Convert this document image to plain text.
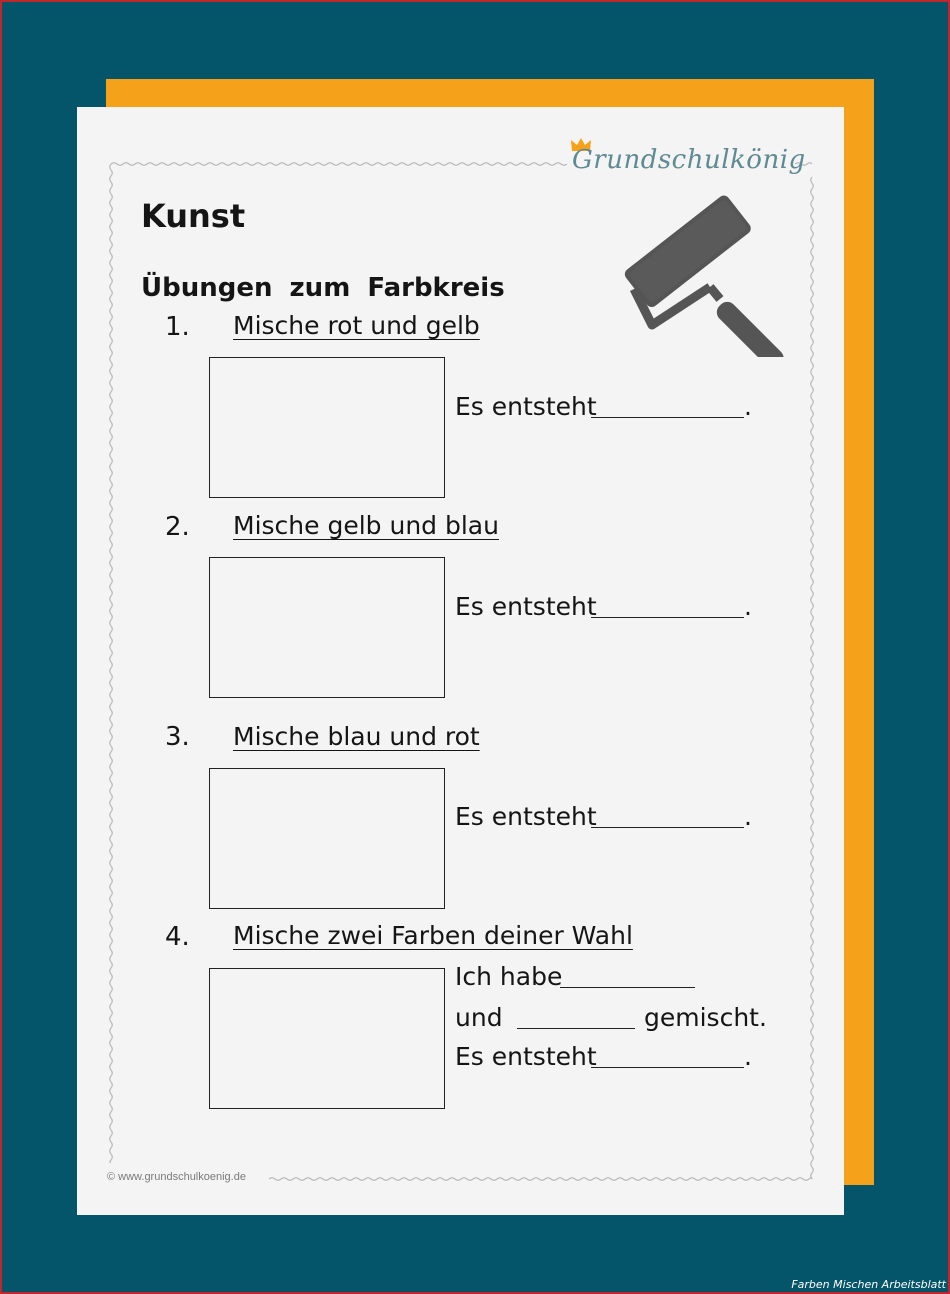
Grundschulkönig
Kunst
Übungen zum Farbkreis
1. Mische rot und gelb
Es entsteht	.
2. Mische gelb und blau
Es entsteht	.
3. Mische blau und rot
Es entsteht	.
4. Mische zwei Farben deiner Wahl
Ich habe
und	gemischt.
Es entsteht	.
© www.grundschulkoenig.de
Farben Mischen Arbeitsblatt
